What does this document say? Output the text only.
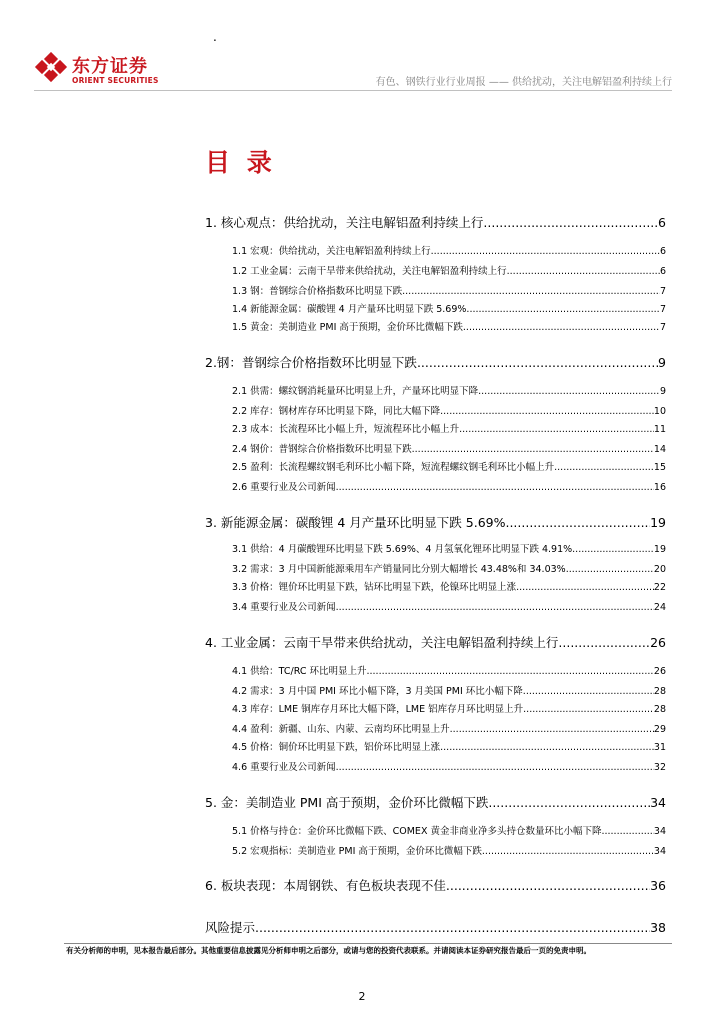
.
东方证券
ORIENT SECURITIES	有色、钢铁行业行业周报 —— 供给扰动，关注电解铝盈利持续上行
目 录
1. 核心观点：供给扰动，关注电解铝盈利持续上行 .....	6
1.1 宏观：供给扰动，关注电解铝盈利持续上行 .....	6
1.2 工业金属：云南干旱带来供给扰动，关注电解铝盈利持续上行 .....	6
1.3 钢：普钢综合价格指数环比明显下跌 .....	7
1.4 新能源金属：碳酸锂 4 月产量环比明显下跌 5.69% .....	7
1.5 黄金：美制造业 PMI 高于预期，金价环比微幅下跌 .....	7
2.钢：普钢综合价格指数环比明显下跌 .....	9
2.1 供需：螺纹钢消耗量环比明显上升，产量环比明显下降 .....	9
2.2 库存：钢材库存环比明显下降，同比大幅下降 .....	10
2.3 成本：长流程环比小幅上升，短流程环比小幅上升 .....	11
2.4 钢价：普钢综合价格指数环比明显下跌 .....	14
2.5 盈利：长流程螺纹钢毛利环比小幅下降，短流程螺纹钢毛利环比小幅上升 .....	15
2.6 重要行业及公司新闻 .....	16
3. 新能源金属：碳酸锂 4 月产量环比明显下跌 5.69% .....	19
3.1 供给：4 月碳酸锂环比明显下跌 5.69%、4 月氢氧化锂环比明显下跌 4.91% .....	19
3.2 需求：3 月中国新能源乘用车产销量同比分别大幅增长 43.48%和 34.03% .....	20
3.3 价格：锂价环比明显下跌，钴环比明显下跌，伦镍环比明显上涨 .....	22
3.4 重要行业及公司新闻 .....	24
4. 工业金属：云南干旱带来供给扰动，关注电解铝盈利持续上行 .....	26
4.1 供给：TC/RC 环比明显上升 .....	26
4.2 需求：3 月中国 PMI 环比小幅下降，3 月美国 PMI 环比小幅下降 .....	28
4.3 库存：LME 铜库存月环比大幅下降，LME 铝库存月环比明显上升 .....	28
4.4 盈利：新疆、山东、内蒙、云南均环比明显上升 .....	29
4.5 价格：铜价环比明显下跌，铝价环比明显上涨 .....	31
4.6 重要行业及公司新闻 .....	32
5. 金：美制造业 PMI 高于预期，金价环比微幅下跌 .....	34
5.1 价格与持仓：金价环比微幅下跌、COMEX 黄金非商业净多头持仓数量环比小幅下降 .....	34
5.2 宏观指标：美制造业 PMI 高于预期，金价环比微幅下跌 .....	34
6. 板块表现：本周钢铁、有色板块表现不佳 .....	36
风险提示 .....	38
有关分析师的申明，见本报告最后部分。其他重要信息披露见分析师申明之后部分，或请与您的投资代表联系。并请阅读本证券研究报告最后一页的免责申明。
2
